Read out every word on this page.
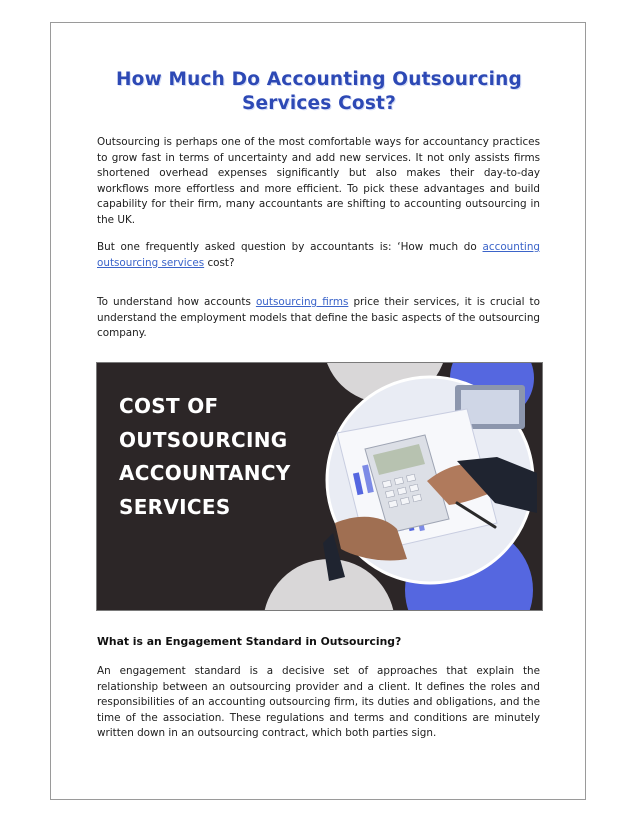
How Much Do Accounting Outsourcing
Services Cost?

Outsourcing is perhaps one of the most comfortable ways for accountancy practices to grow fast in terms of uncertainty and add new services. It not only assists firms shortened overhead expenses significantly but also makes their day-to-day workflows more effortless and more efficient. To pick these advantages and build capability for their firm, many accountants are shifting to accounting outsourcing in the UK.

But one frequently asked question by accountants is: ‘How much do accounting outsourcing services cost?

To understand how accounts outsourcing firms price their services, it is crucial to understand the employment models that define the basic aspects of the outsourcing company.

COST OF
OUTSOURCING
ACCOUNTANCY
SERVICES
What is an Engagement Standard in Outsourcing?

An engagement standard is a decisive set of approaches that explain the relationship between an outsourcing provider and a client. It defines the roles and responsibilities of an accounting outsourcing firm, its duties and obligations, and the time of the association. These regulations and terms and conditions are minutely written down in an outsourcing contract, which both parties sign.
